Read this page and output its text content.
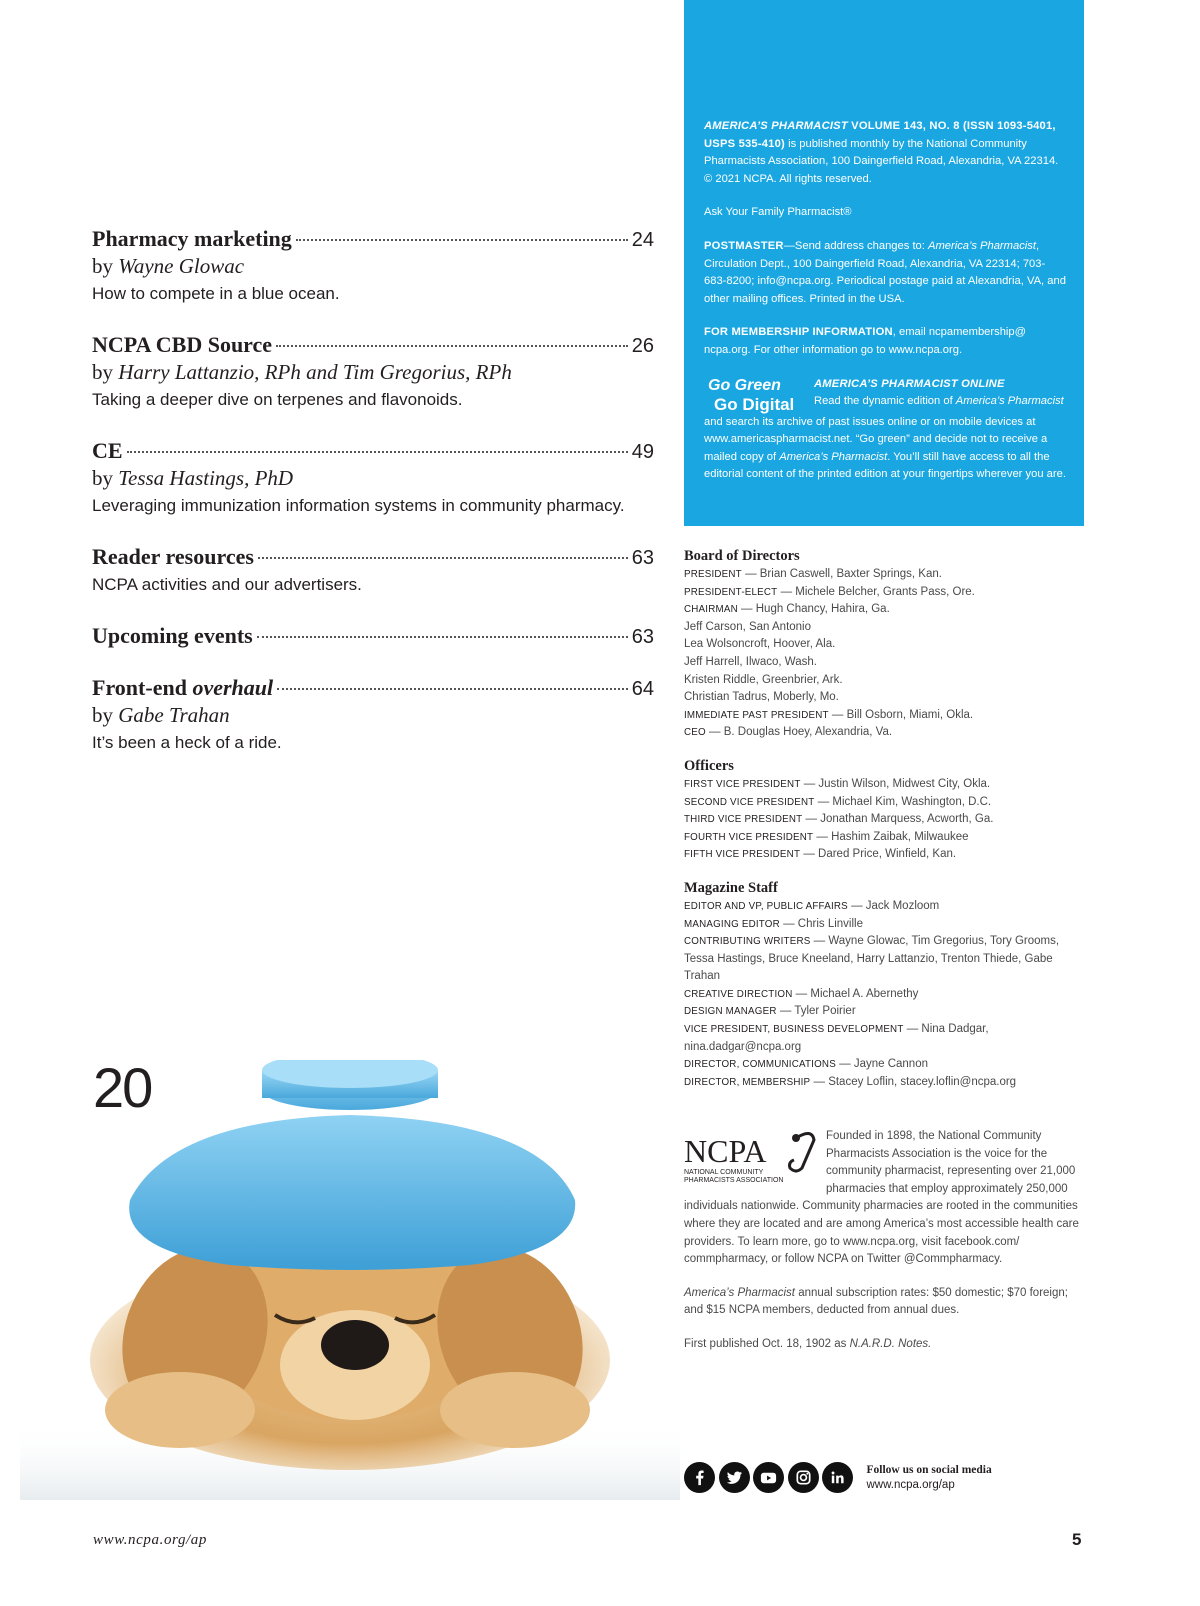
Pharmacy marketing	24
by Wayne Glowac
How to compete in a blue ocean.
NCPA CBD Source	26
by Harry Lattanzio, RPh and Tim Gregorius, RPh
Taking a deeper dive on terpenes and flavonoids.
CE	49
by Tessa Hastings, PhD
Leveraging immunization information systems in community pharmacy.
Reader resources	63
NCPA activities and our advertisers.
Upcoming events	63
Front-end overhaul	64
by Gabe Trahan
It’s been a heck of a ride.
20

AMERICA’S PHARMACIST VOLUME 143, NO. 8 (ISSN 1093-5401, USPS 535-410) is published monthly by the National Community Pharmacists Association, 100 Daingerfield Road, Alexandria, VA 22314. © 2021 NCPA. All rights reserved.

Ask Your Family Pharmacist®

POSTMASTER—Send address changes to: America’s Pharmacist, Circulation Dept., 100 Daingerfield Road, Alexandria, VA 22314; 703-683-8200; info@ncpa.org. Periodical postage paid at Alexandria, VA, and other mailing offices. Printed in the USA.

FOR MEMBERSHIP INFORMATION, email ncpamembership@ ncpa.org. For other information go to www.ncpa.org.

Go Green
Go Digital
AMERICA’S PHARMACIST ONLINE
Read the dynamic edition of America’s Pharmacist
and search its archive of past issues online or on mobile devices at www.americaspharmacist.net. “Go green” and decide not to receive a mailed copy of America’s Pharmacist. You’ll still have access to all the editorial content of the printed edition at your fingertips wherever you are.
Board of Directors
PRESIDENT — Brian Caswell, Baxter Springs, Kan.
PRESIDENT-ELECT — Michele Belcher, Grants Pass, Ore.
CHAIRMAN — Hugh Chancy, Hahira, Ga.
Jeff Carson, San Antonio
Lea Wolsoncroft, Hoover, Ala.
Jeff Harrell, Ilwaco, Wash.
Kristen Riddle, Greenbrier, Ark.
Christian Tadrus, Moberly, Mo.
IMMEDIATE PAST PRESIDENT — Bill Osborn, Miami, Okla.
CEO — B. Douglas Hoey, Alexandria, Va.
Officers
FIRST VICE PRESIDENT — Justin Wilson, Midwest City, Okla.
SECOND VICE PRESIDENT — Michael Kim, Washington, D.C.
THIRD VICE PRESIDENT — Jonathan Marquess, Acworth, Ga.
FOURTH VICE PRESIDENT — Hashim Zaibak, Milwaukee
FIFTH VICE PRESIDENT — Dared Price, Winfield, Kan.
Magazine Staff
EDITOR AND VP, PUBLIC AFFAIRS — Jack Mozloom
MANAGING EDITOR — Chris Linville
CONTRIBUTING WRITERS — Wayne Glowac, Tim Gregorius, Tory Grooms, Tessa Hastings, Bruce Kneeland, Harry Lattanzio, Trenton Thiede, Gabe Trahan
CREATIVE DIRECTION — Michael A. Abernethy
DESIGN MANAGER — Tyler Poirier
VICE PRESIDENT, BUSINESS DEVELOPMENT — Nina Dadgar, nina.dadgar@ncpa.org
DIRECTOR, COMMUNICATIONS — Jayne Cannon
DIRECTOR, MEMBERSHIP — Stacey Loflin, stacey.loflin@ncpa.org
NCPA
NATIONAL COMMUNITY
PHARMACISTS ASSOCIATION

Founded in 1898, the National Community Pharmacists Association is the voice for the community pharmacist, representing over 21,000 pharmacies that employ approximately 250,000 individuals nationwide. Community pharmacies are rooted in the communities where they are located and are among America’s most accessible health care providers. To learn more, go to www.ncpa.org, visit facebook.com/ commpharmacy, or follow NCPA on Twitter @Commpharmacy.

America’s Pharmacist annual subscription rates: $50 domestic; $70 foreign; and $15 NCPA members, deducted from annual dues.

First published Oct. 18, 1902 as N.A.R.D. Notes.

Follow us on social media
www.ncpa.org/ap
www.ncpa.org/ap	5
